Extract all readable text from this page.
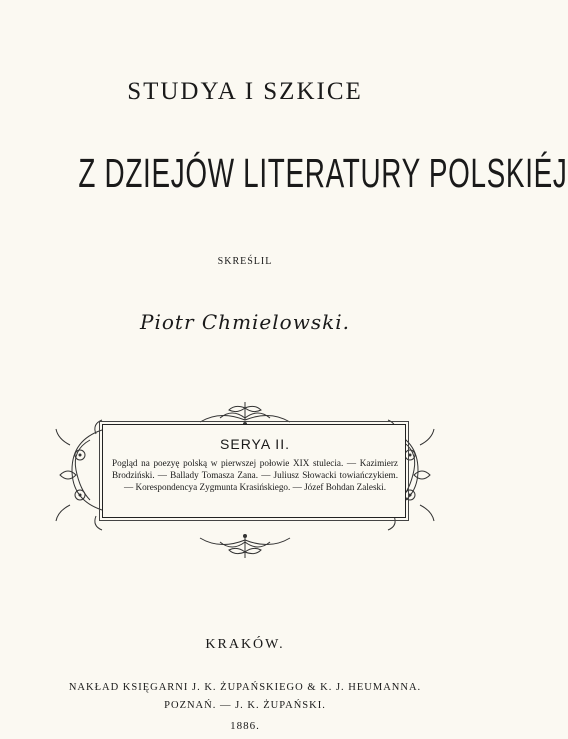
STUDYA I SZKICE
Z DZIEJÓW LITERATURY POLSKIÉJ
SKREŚLIL
Piotr Chmielowski.
SERYA II.
Pogląd na poezyę polską w pierwszej połowie XIX stulecia. — Kazimierz Brodziński. — Ballady Tomasza Zana. — Juliusz Słowacki towiańczykiem. — Korespondencya Zygmunta Krasińskiego. — Józef Bohdan Zaleski.
KRAKÓW.
NAKŁAD KSIĘGARNI J. K. ŻUPAŃSKIEGO & K. J. HEUMANNA.
POZNAŃ. — J. K. ŻUPAŃSKI.
1886.
